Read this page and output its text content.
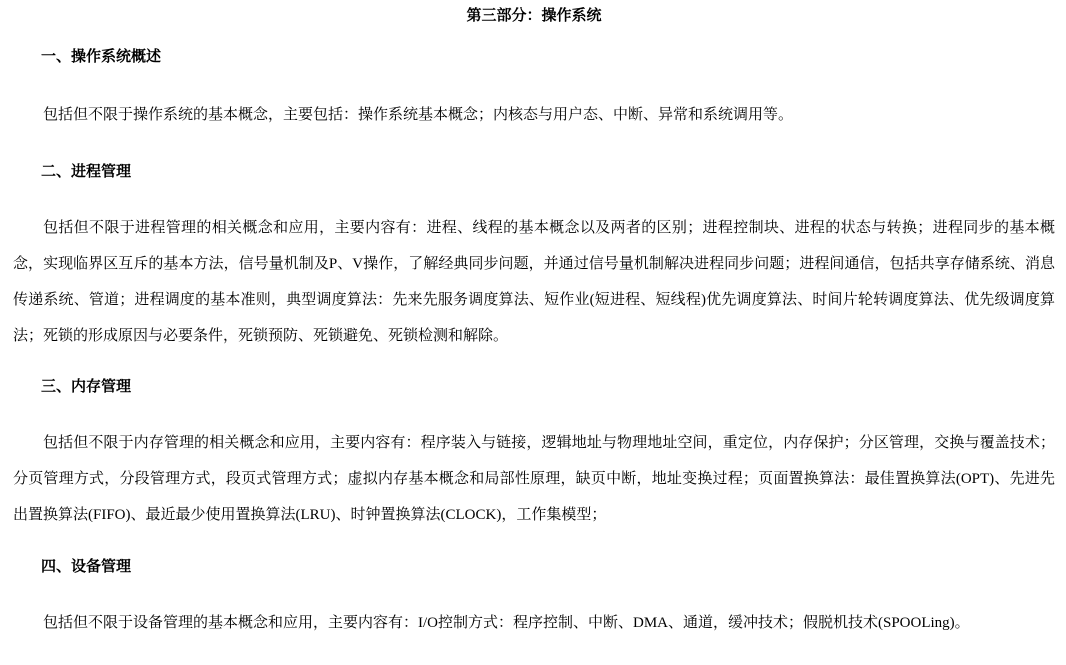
第三部分：操作系统
一、操作系统概述

包括但不限于操作系统的基本概念，主要包括：操作系统基本概念；内核态与用户态、中断、异常和系统调用等。

二、进程管理

包括但不限于进程管理的相关概念和应用，主要内容有：进程、线程的基本概念以及两者的区别；进程控制块、进程的状态与转换；进程同步的基本概念，实现临界区互斥的基本方法，信号量机制及P、V操作，了解经典同步问题，并通过信号量机制解决进程同步问题；进程间通信，包括共享存储系统、消息传递系统、管道；进程调度的基本准则，典型调度算法：先来先服务调度算法、短作业(短进程、短线程)优先调度算法、时间片轮转调度算法、优先级调度算法；死锁的形成原因与必要条件，死锁预防、死锁避免、死锁检测和解除。

三、内存管理

包括但不限于内存管理的相关概念和应用，主要内容有：程序装入与链接，逻辑地址与物理地址空间，重定位，内存保护；分区管理，交换与覆盖技术；分页管理方式，分段管理方式，段页式管理方式；虚拟内存基本概念和局部性原理，缺页中断，地址变换过程；页面置换算法：最佳置换算法(OPT)、先进先出置换算法(FIFO)、最近最少使用置换算法(LRU)、时钟置换算法(CLOCK)，工作集模型；

四、设备管理

包括但不限于设备管理的基本概念和应用，主要内容有：I/O控制方式：程序控制、中断、DMA、通道，缓冲技术；假脱机技术(SPOOLing)。
